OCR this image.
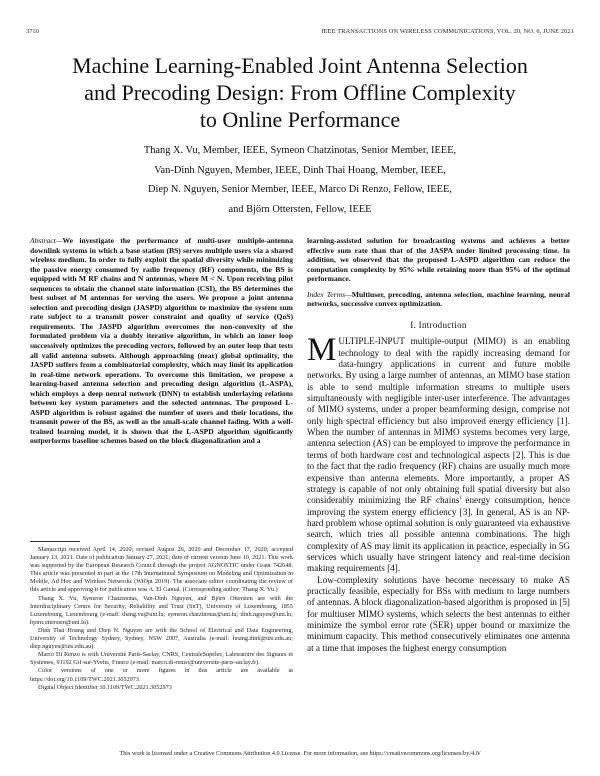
3710	IEEE TRANSACTIONS ON WIRELESS COMMUNICATIONS, VOL. 20, NO. 6, JUNE 2021
Machine Learning-Enabled Joint Antenna Selection
and Precoding Design: From Offline Complexity
to Online Performance
Thang X. Vu, Member, IEEE, Symeon Chatzinotas, Senior Member, IEEE,
Van-Dinh Nguyen, Member, IEEE, Dinh Thai Hoang, Member, IEEE,
Diep N. Nguyen, Senior Member, IEEE, Marco Di Renzo, Fellow, IEEE,
and Björn Ottersten, Fellow, IEEE
Abstract—We investigate the performance of multi-user multiple-antenna downlink systems in which a base station (BS) serves multiple users via a shared wireless medium. In order to fully exploit the spatial diversity while minimizing the passive energy consumed by radio frequency (RF) components, the BS is equipped with M RF chains and N antennas, where M < N. Upon receiving pilot sequences to obtain the channel state information (CSI), the BS determines the best subset of M antennas for serving the users. We propose a joint antenna selection and precoding design (JASPD) algorithm to maximize the system sum rate subject to a transmit power constraint and quality of service (QoS) requirements. The JASPD algorithm overcomes the non-convexity of the formulated problem via a doubly iterative algorithm, in which an inner loop successively optimizes the precoding vectors, followed by an outer loop that tests all valid antenna subsets. Although approaching (near) global optimality, the JASPD suffers from a combinatorial complexity, which may limit its application in real-time network operations. To overcome this limitation, we propose a learning-based antenna selection and precoding design algorithm (L-ASPA), which employs a deep neural network (DNN) to establish underlaying relations between key system parameters and the selected antennas. The proposed L-ASPD algorithm is robust against the number of users and their locations, the transmit power of the BS, as well as the small-scale channel fading. With a well-trained learning model, it is shown that the L-ASPD algorithm significantly outperforms baseline schemes based on the block diagonalization and a

Manuscript received April 14, 2020; revised August 26, 2020 and December 17, 2020; accepted January 13, 2021. Date of publication January 27, 2021; date of current version June 10, 2021. This work was supported by the European Research Council through the project AGNOSTIC under Grant 742648. This article was presented in part at the 17th International Symposium on Modeling and Optimization in Mobile, Ad Hoc and Wireless Networks (WiOpt 2019). The associate editor coordinating the review of this article and approving it for publication was A. El Gamal. (Corresponding author: Thang X. Vu.)

Thang X. Vu, Symeon Chatzinotas, Van-Dinh Nguyen, and Björn Ottersten are with the Interdisciplinary Centre for Security, Reliability and Trust (SnT), University of Luxembourg, 1855 Luxembourg, Luxembourg (e-mail: thang.vu@uni.lu; symeon.chatzinotas@uni.lu; dinh.nguyen@uni.lu; bjorn.ottersten@uni.lu).

Dinh Thai Hoang and Diep N. Nguyen are with the School of Electrical and Data Engineering, University of Technology Sydney, Sydney, NSW 2007, Australia (e-mail: hoang.dinh@uts.edu.au; diep.nguyen@uts.edu.au).

Marco Di Renzo is with Université Paris-Saclay, CNRS, CentraleSupélec, Laboratoire des Signaux et Systèmes, 91192 Gif-sur-Yvette, France (e-mail: marco.di-renzo@universite-paris-saclay.fr).

Color versions of one or more figures in this article are available at https://doi.org/10.1109/TWC.2021.3052973.

Digital Object Identifier 10.1109/TWC.2021.3052973

learning-assisted solution for broadcasting systems and achieves a better effective sum rate than that of the JASPA under limited processing time. In addition, we observed that the proposed L-ASPD algorithm can reduce the computation complexity by 95% while retaining more than 95% of the optimal performance.
Index Terms—Multiuser, precoding, antenna selection, machine learning, neural networks, successive convex optimization.
I. Introduction

MULTIPLE-INPUT multiple-output (MIMO) is an enabling technology to deal with the rapidly increasing demand for data-hungry applications in current and future mobile networks. By using a large number of antennas, an MIMO base station is able to send multiple information streams to multiple users simultaneously with negligible inter-user interference. The advantages of MIMO systems, under a proper beamforming design, comprise not only high spectral efficiency but also improved energy efficiency [1]. When the number of antennas in MIMO systems becomes very large, antenna selection (AS) can be employed to improve the performance in terms of both hardware cost and technological aspects [2]. This is due to the fact that the radio frequency (RF) chains are usually much more expensive than antenna elements. More importantly, a proper AS strategy is capable of not only obtaining full spatial diversity but also considerably minimizing the RF chains' energy consumption, hence improving the system energy efficiency [3]. In general, AS is an NP-hard problem whose optimal solution is only guaranteed via exhaustive search, which tries all possible antenna combinations. The high complexity of AS may limit its application in practice, especially in 5G services which usually have stringent latency and real-time decision making requirements [4].

Low-complexity solutions have become necessary to make AS practically feasible, especially for BSs with medium to large numbers of antennas. A block diagonalization-based algorithm is proposed in [5] for multiuser MIMO systems, which selects the best antennas to either minimize the symbol error rate (SER) upper bound or maximize the minimum capacity. This method consecutively eliminates one antenna at a time that imposes the highest energy consumption

This work is licensed under a Creative Commons Attribution 4.0 License. For more information, see https://creativecommons.org/licenses/by/4.0/
